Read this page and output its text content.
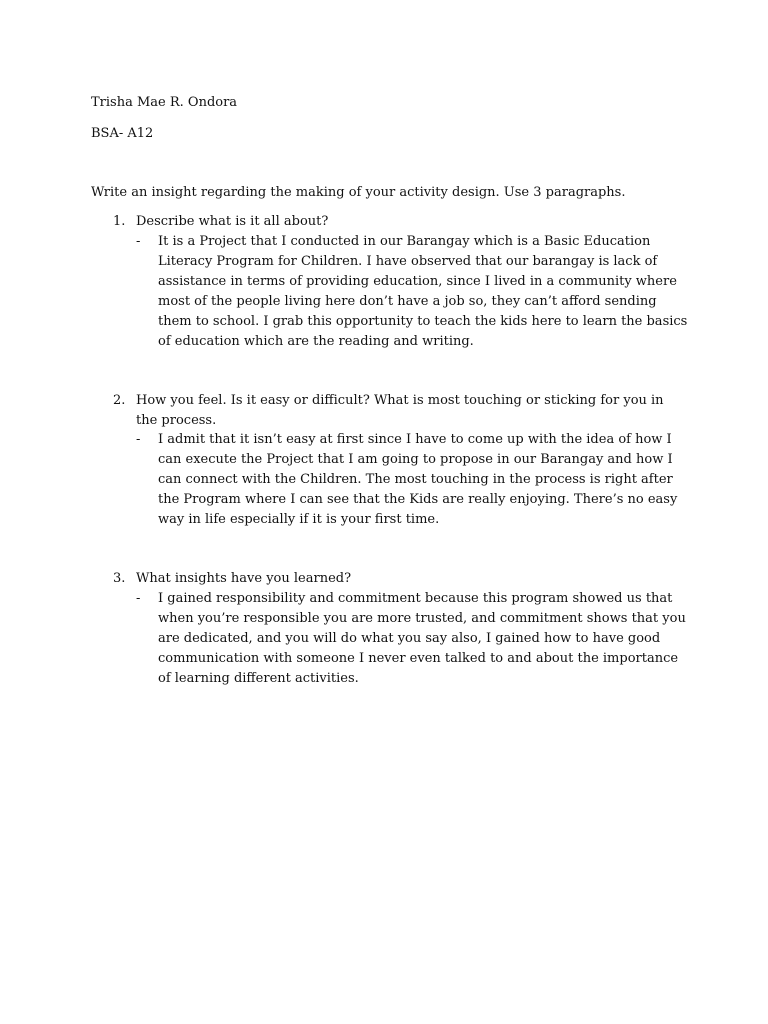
Trisha Mae R. Ondora
BSA- A12
Write an insight regarding the making of your activity design. Use 3 paragraphs.
1. Describe what is it all about?
- It is a Project that I conducted in our Barangay which is a Basic Education Literacy Program for Children. I have observed that our barangay is lack of assistance in terms of providing education, since I lived in a community where most of the people living here don’t have a job so, they can’t afford sending them to school. I grab this opportunity to teach the kids here to learn the basics of education which are the reading and writing.
2. How you feel. Is it easy or difficult? What is most touching or sticking for you in the process.
- I admit that it isn’t easy at first since I have to come up with the idea of how I can execute the Project that I am going to propose in our Barangay and how I can connect with the Children. The most touching in the process is right after the Program where I can see that the Kids are really enjoying. There’s no easy way in life especially if it is your first time.
3. What insights have you learned?
- I gained responsibility and commitment because this program showed us that when you’re responsible you are more trusted, and commitment shows that you are dedicated, and you will do what you say also, I gained how to have good communication with someone I never even talked to and about the importance of learning different activities.
